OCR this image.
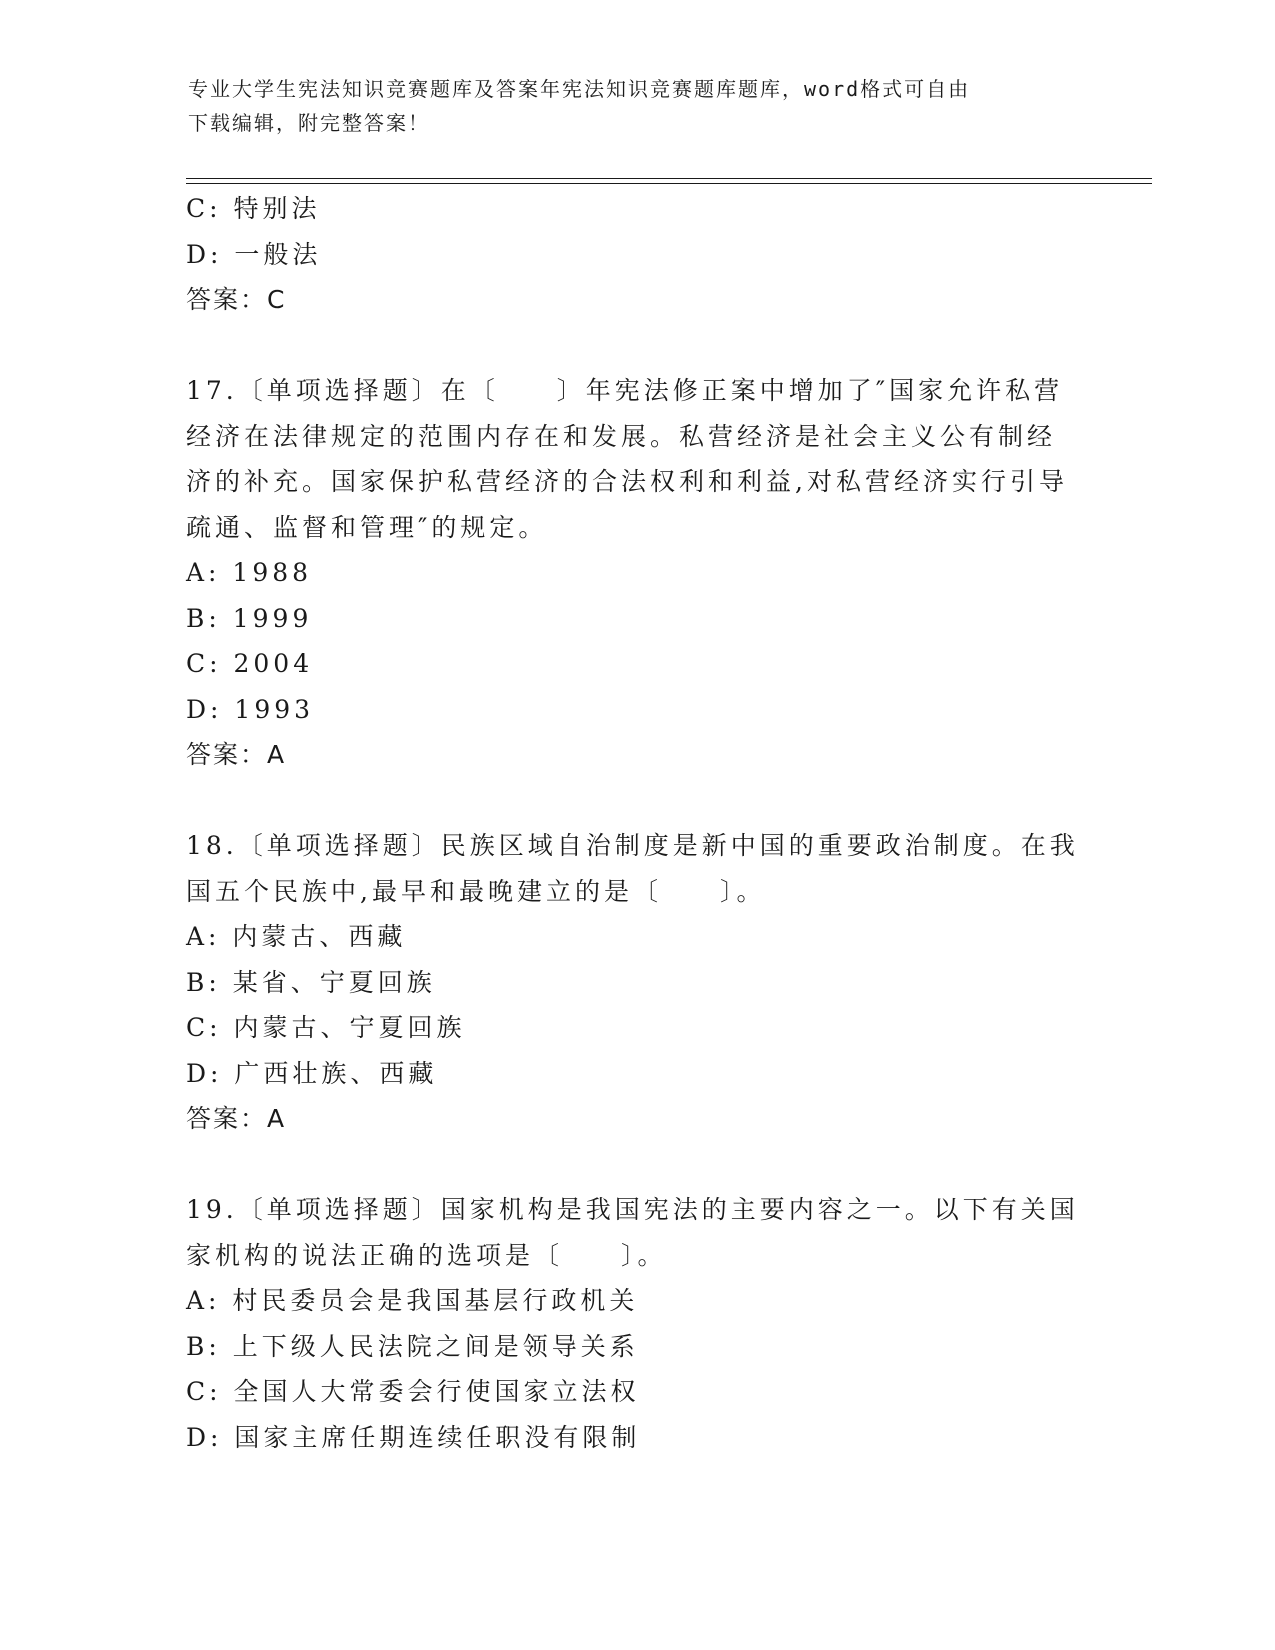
专业大学生宪法知识竞赛题库及答案年宪法知识竞赛题库题库，word格式可自由
下载编辑，附完整答案！
C: 特别法
D: 一般法
答案：C
17.〔单项选择题〕在〔　　〕年宪法修正案中增加了″国家允许私营
经济在法律规定的范围内存在和发展。私营经济是社会主义公有制经
济的补充。国家保护私营经济的合法权利和利益,对私营经济实行引导
疏通、监督和管理″的规定。
A: 1988
B: 1999
C: 2004
D: 1993
答案：A
18.〔单项选择题〕民族区域自治制度是新中国的重要政治制度。在我
国五个民族中,最早和最晚建立的是〔　　〕。
A: 内蒙古、西藏
B: 某省、宁夏回族
C: 内蒙古、宁夏回族
D: 广西壮族、西藏
答案：A
19.〔单项选择题〕国家机构是我国宪法的主要内容之一。以下有关国
家机构的说法正确的选项是〔　　〕。
A: 村民委员会是我国基层行政机关
B: 上下级人民法院之间是领导关系
C: 全国人大常委会行使国家立法权
D: 国家主席任期连续任职没有限制
